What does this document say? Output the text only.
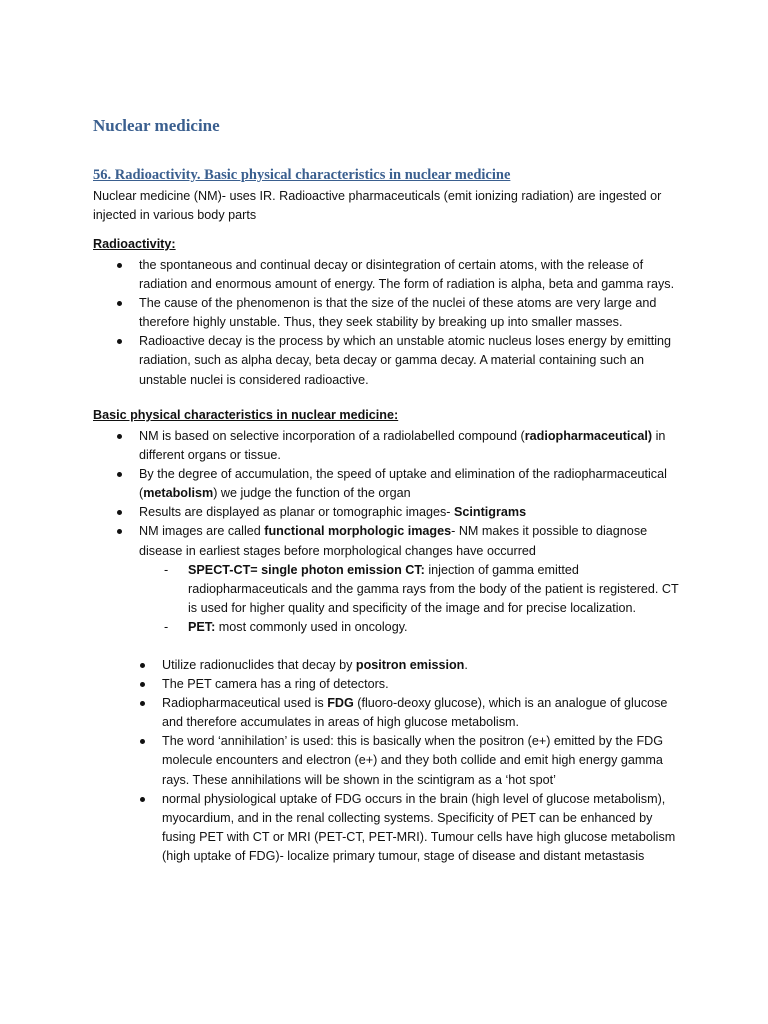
Nuclear medicine
56. Radioactivity. Basic physical characteristics in nuclear medicine
Nuclear medicine (NM)- uses IR. Radioactive pharmaceuticals (emit ionizing radiation) are ingested or injected in various body parts
Radioactivity:
the spontaneous and continual decay or disintegration of certain atoms, with the release of radiation and enormous amount of energy. The form of radiation is alpha, beta and gamma rays.
The cause of the phenomenon is that the size of the nuclei of these atoms are very large and therefore highly unstable. Thus, they seek stability by breaking up into smaller masses.
Radioactive decay is the process by which an unstable atomic nucleus loses energy by emitting radiation, such as alpha decay, beta decay or gamma decay. A material containing such an unstable nuclei is considered radioactive.
Basic physical characteristics in nuclear medicine:
NM is based on selective incorporation of a radiolabelled compound (radiopharmaceutical) in different organs or tissue.
By the degree of accumulation, the speed of uptake and elimination of the radiopharmaceutical (metabolism) we judge the function of the organ
Results are displayed as planar or tomographic images- Scintigrams
NM images are called functional morphologic images- NM makes it possible to diagnose disease in earliest stages before morphological changes have occurred
- SPECT-CT= single photon emission CT: injection of gamma emitted radiopharmaceuticals and the gamma rays from the body of the patient is registered. CT is used for higher quality and specificity of the image and for precise localization.
- PET: most commonly used in oncology.
Utilize radionuclides that decay by positron emission.
The PET camera has a ring of detectors.
Radiopharmaceutical used is FDG (fluoro-deoxy glucose), which is an analogue of glucose and therefore accumulates in areas of high glucose metabolism.
The word ‘annihilation’ is used: this is basically when the positron (e+) emitted by the FDG molecule encounters and electron (e+) and they both collide and emit high energy gamma rays. These annihilations will be shown in the scintigram as a ‘hot spot’
normal physiological uptake of FDG occurs in the brain (high level of glucose metabolism), myocardium, and in the renal collecting systems. Specificity of PET can be enhanced by fusing PET with CT or MRI (PET-CT, PET-MRI). Tumour cells have high glucose metabolism (high uptake of FDG)- localize primary tumour, stage of disease and distant metastasis
